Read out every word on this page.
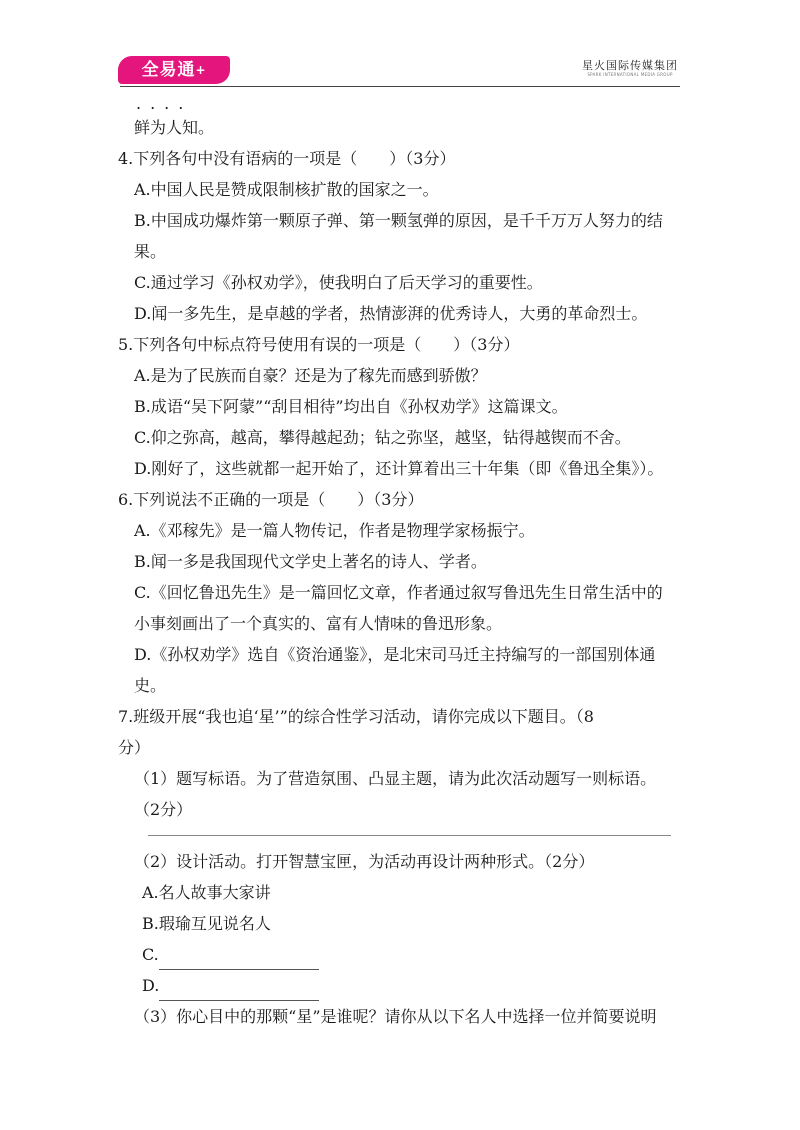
全易通+	星火国际传媒集团
SPARK INTERNATIONAL MEDIA GROUP
....
鲜为人知。
4.下列各句中没有语病的一项是（　　）（3分）
A.中国人民是赞成限制核扩散的国家之一。
B.中国成功爆炸第一颗原子弹、第一颗氢弹的原因，是千千万万人努力的结
果。
C.通过学习《孙权劝学》，使我明白了后天学习的重要性。
D.闻一多先生，是卓越的学者，热情澎湃的优秀诗人，大勇的革命烈士。
5.下列各句中标点符号使用有误的一项是（　　）（3分）
A.是为了民族而自豪？还是为了稼先而感到骄傲？
B.成语“吴下阿蒙”“刮目相待”均出自《孙权劝学》这篇课文。
C.仰之弥高，越高，攀得越起劲；钻之弥坚，越坚，钻得越锲而不舍。
D.刚好了，这些就都一起开始了，还计算着出三十年集（即《鲁迅全集》）。
6.下列说法不正确的一项是（　　）（3分）
A.《邓稼先》是一篇人物传记，作者是物理学家杨振宁。
B.闻一多是我国现代文学史上著名的诗人、学者。
C.《回忆鲁迅先生》是一篇回忆文章，作者通过叙写鲁迅先生日常生活中的
小事刻画出了一个真实的、富有人情味的鲁迅形象。
D.《孙权劝学》选自《资治通鉴》，是北宋司马迁主持编写的一部国别体通
史。
7.班级开展“我也追‘星’”的综合性学习活动，请你完成以下题目。（8
分）
（1）题写标语。为了营造氛围、凸显主题，请为此次活动题写一则标语。
（2分）
（2）设计活动。打开智慧宝匣，为活动再设计两种形式。（2分）
A.名人故事大家讲
B.瑕瑜互见说名人
C.
D.
（3）你心目中的那颗“星”是谁呢？请你从以下名人中选择一位并简要说明
